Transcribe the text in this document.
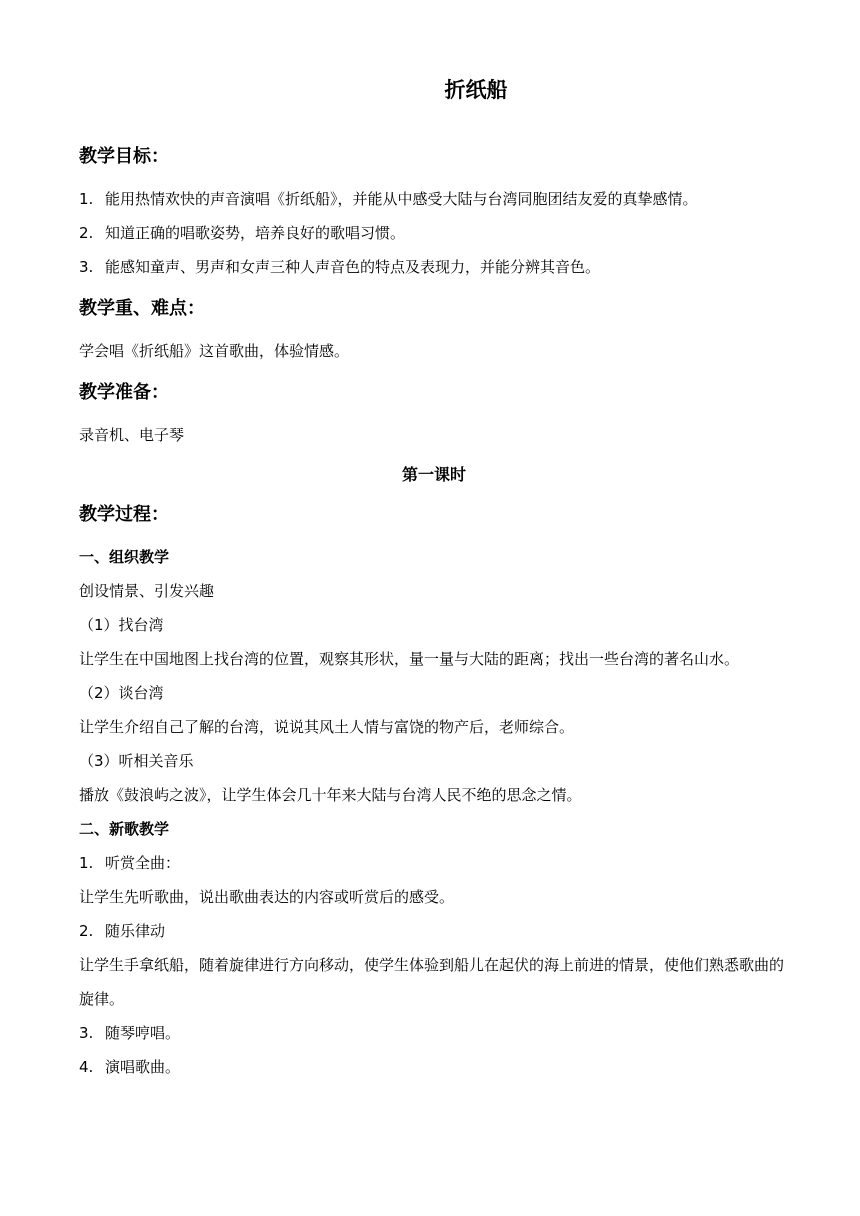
折纸船

教学目标：

1. 能用热情欢快的声音演唱《折纸船》，并能从中感受大陆与台湾同胞团结友爱的真挚感情。

2. 知道正确的唱歌姿势，培养良好的歌唱习惯。

3. 能感知童声、男声和女声三种人声音色的特点及表现力，并能分辨其音色。

教学重、难点：

学会唱《折纸船》这首歌曲，体验情感。

教学准备：

录音机、电子琴

第一课时

教学过程：

一、组织教学

创设情景、引发兴趣

（1）找台湾

让学生在中国地图上找台湾的位置，观察其形状，量一量与大陆的距离；找出一些台湾的著名山水。

（2）谈台湾

让学生介绍自己了解的台湾，说说其风土人情与富饶的物产后，老师综合。

（3）听相关音乐

播放《鼓浪屿之波》，让学生体会几十年来大陆与台湾人民不绝的思念之情。

二、新歌教学

1. 听赏全曲：

让学生先听歌曲，说出歌曲表达的内容或听赏后的感受。

2. 随乐律动

让学生手拿纸船，随着旋律进行方向移动，使学生体验到船儿在起伏的海上前进的情景，使他们熟悉歌曲的旋律。

3. 随琴哼唱。

4. 演唱歌曲。
